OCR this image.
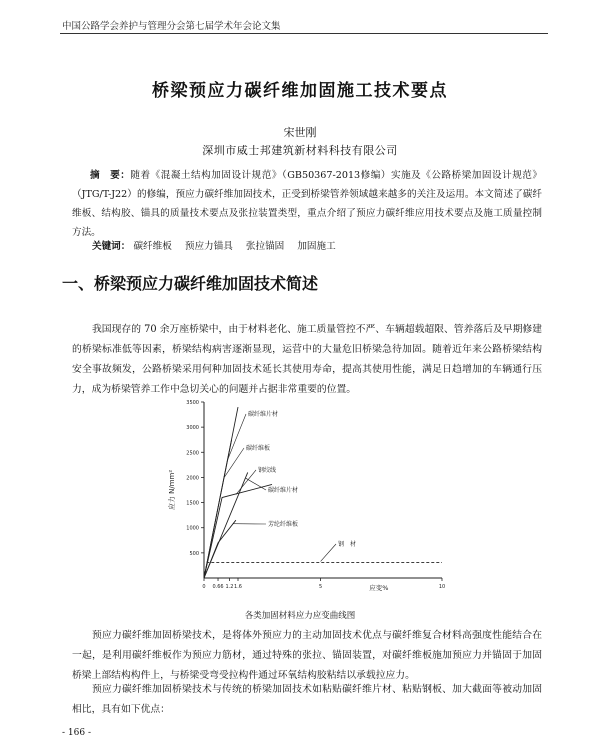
中国公路学会养护与管理分会第七届学术年会论文集
桥梁预应力碳纤维加固施工技术要点
宋世刚
深圳市威士邦建筑新材料科技有限公司
摘　要：随着《混凝土结构加固设计规范》（GB50367-2013修编）实施及《公路桥梁加固设计规范》（JTG/T-J22）的修编，预应力碳纤维加固技术，正受到桥梁管养领域越来越多的关注及运用。本文简述了碳纤维板、结构胶、锚具的质量技术要点及张拉装置类型，重点介绍了预应力碳纤维应用技术要点及施工质量控制方法。
关键词： 碳纤维板 预应力锚具 张拉锚固 加固施工
一、桥梁预应力碳纤维加固技术简述
我国现存的 70 余万座桥梁中，由于材料老化、施工质量管控不严、车辆超载超限、管养落后及早期修建的桥梁标准低等因素，桥梁结构病害逐渐显现，运营中的大量危旧桥梁急待加固。随着近年来公路桥梁结构安全事故频发，公路桥梁采用何种加固技术延长其使用寿命，提高其使用性能，满足日趋增加的车辆通行压力，成为桥梁管养工作中急切关心的问题并占据非常重要的位置。
500
1000
1500
2000
2500
3000
3500
0 0.66 1.2 1.6	5	10
应力 N/mm²
应变%
碳纤维片材
碳纤维板
钢绞线
碳纤维片材
芳纶纤维板
钢　材
各类加固材料应力应变曲线图
预应力碳纤维加固桥梁技术，是将体外预应力的主动加固技术优点与碳纤维复合材料高强度性能结合在一起，是利用碳纤维板作为预应力筋材，通过特殊的张拉、锚固装置，对碳纤维板施加预应力并锚固于加固桥梁上部结构构件上，与桥梁受弯受拉构件通过环氧结构胶粘结以承载拉应力。
预应力碳纤维加固桥梁技术与传统的桥梁加固技术如粘贴碳纤维片材、粘贴钢板、加大截面等被动加固相比，具有如下优点：
- 166 -
